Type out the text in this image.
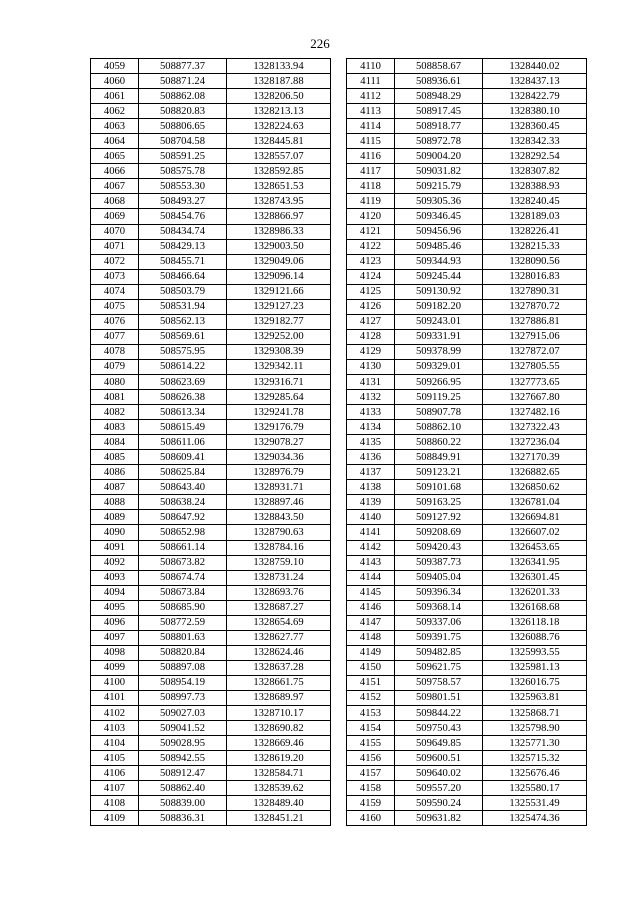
226
4059	508877.37	1328133.94
4060	508871.24	1328187.88
4061	508862.08	1328206.50
4062	508820.83	1328213.13
4063	508806.65	1328224.63
4064	508704.58	1328445.81
4065	508591.25	1328557.07
4066	508575.78	1328592.85
4067	508553.30	1328651.53
4068	508493.27	1328743.95
4069	508454.76	1328866.97
4070	508434.74	1328986.33
4071	508429.13	1329003.50
4072	508455.71	1329049.06
4073	508466.64	1329096.14
4074	508503.79	1329121.66
4075	508531.94	1329127.23
4076	508562.13	1329182.77
4077	508569.61	1329252.00
4078	508575.95	1329308.39
4079	508614.22	1329342.11
4080	508623.69	1329316.71
4081	508626.38	1329285.64
4082	508613.34	1329241.78
4083	508615.49	1329176.79
4084	508611.06	1329078.27
4085	508609.41	1329034.36
4086	508625.84	1328976.79
4087	508643.40	1328931.71
4088	508638.24	1328897.46
4089	508647.92	1328843.50
4090	508652.98	1328790.63
4091	508661.14	1328784.16
4092	508673.82	1328759.10
4093	508674.74	1328731.24
4094	508673.84	1328693.76
4095	508685.90	1328687.27
4096	508772.59	1328654.69
4097	508801.63	1328627.77
4098	508820.84	1328624.46
4099	508897.08	1328637.28
4100	508954.19	1328661.75
4101	508997.73	1328689.97
4102	509027.03	1328710.17
4103	509041.52	1328690.82
4104	509028.95	1328669.46
4105	508942.55	1328619.20
4106	508912.47	1328584.71
4107	508862.40	1328539.62
4108	508839.00	1328489.40
4109	508836.31	1328451.21
4110	508858.67	1328440.02
4111	508936.61	1328437.13
4112	508948.29	1328422.79
4113	508917.45	1328380.10
4114	508918.77	1328360.45
4115	508972.78	1328342.33
4116	509004.20	1328292.54
4117	509031.82	1328307.82
4118	509215.79	1328388.93
4119	509305.36	1328240.45
4120	509346.45	1328189.03
4121	509456.96	1328226.41
4122	509485.46	1328215.33
4123	509344.93	1328090.56
4124	509245.44	1328016.83
4125	509130.92	1327890.31
4126	509182.20	1327870.72
4127	509243.01	1327886.81
4128	509331.91	1327915.06
4129	509378.99	1327872.07
4130	509329.01	1327805.55
4131	509266.95	1327773.65
4132	509119.25	1327667.80
4133	508907.78	1327482.16
4134	508862.10	1327322.43
4135	508860.22	1327236.04
4136	508849.91	1327170.39
4137	509123.21	1326882.65
4138	509101.68	1326850.62
4139	509163.25	1326781.04
4140	509127.92	1326694.81
4141	509208.69	1326607.02
4142	509420.43	1326453.65
4143	509387.73	1326341.95
4144	509405.04	1326301.45
4145	509396.34	1326201.33
4146	509368.14	1326168.68
4147	509337.06	1326118.18
4148	509391.75	1326088.76
4149	509482.85	1325993.55
4150	509621.75	1325981.13
4151	509758.57	1326016.75
4152	509801.51	1325963.81
4153	509844.22	1325868.71
4154	509750.43	1325798.90
4155	509649.85	1325771.30
4156	509600.51	1325715.32
4157	509640.02	1325676.46
4158	509557.20	1325580.17
4159	509590.24	1325531.49
4160	509631.82	1325474.36
